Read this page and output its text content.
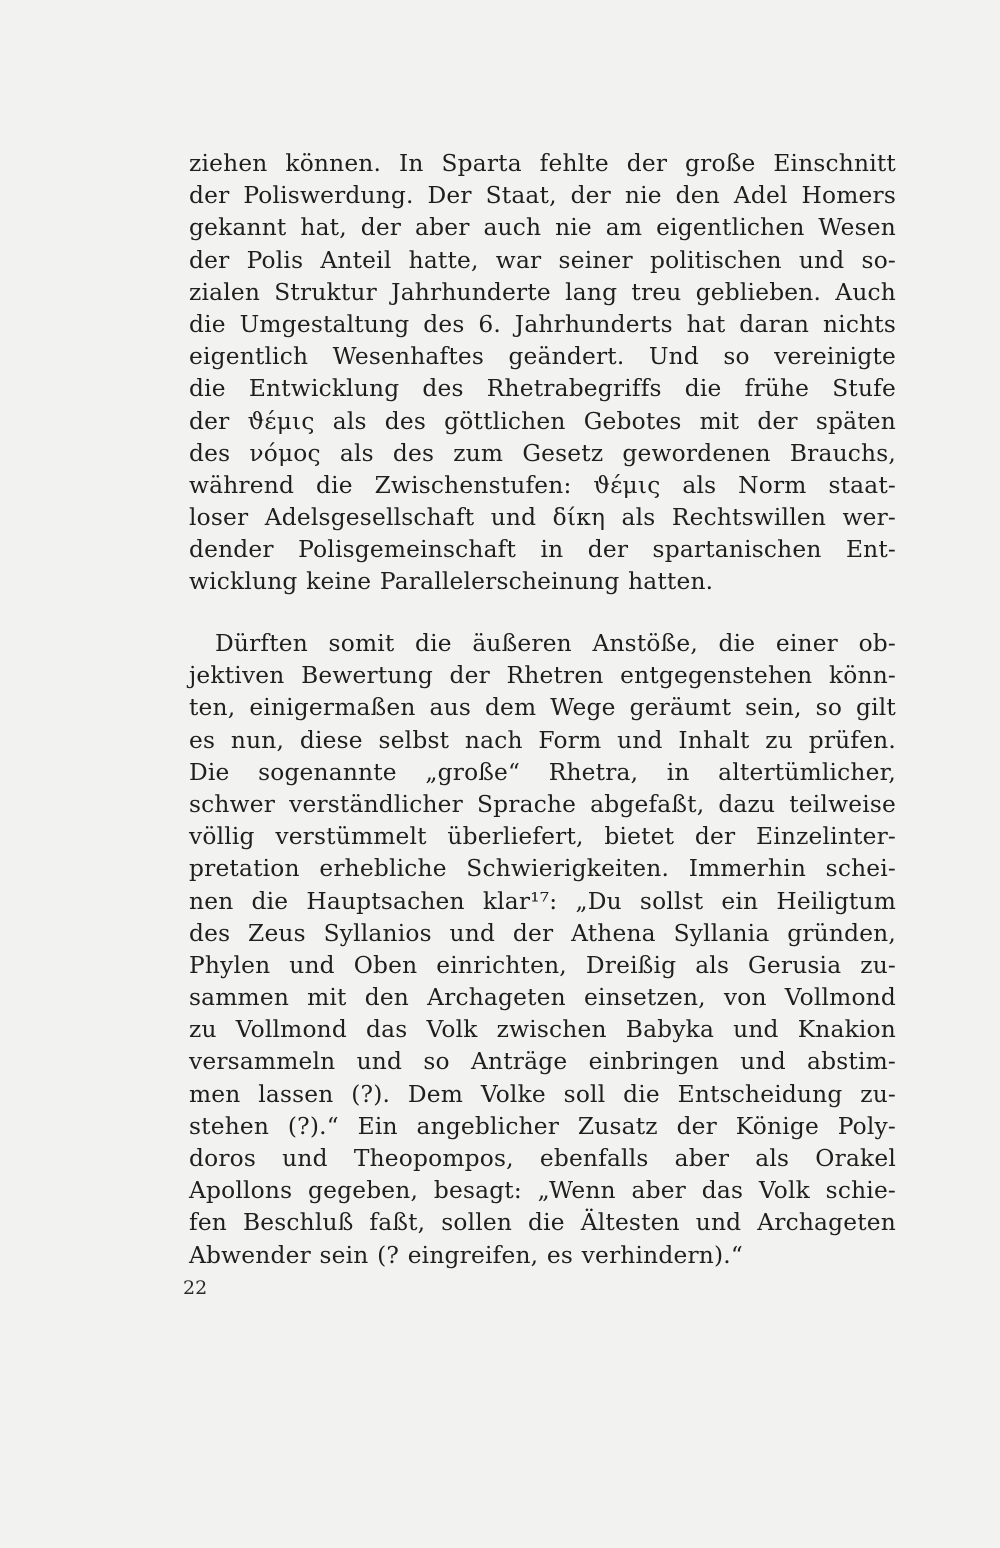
ziehen können. In Sparta fehlte der große Einschnitt
der Poliswerdung. Der Staat, der nie den Adel Homers
gekannt hat, der aber auch nie am eigentlichen Wesen
der Polis Anteil hatte, war seiner politischen und so-
zialen Struktur Jahrhunderte lang treu geblieben. Auch
die Umgestaltung des 6. Jahrhunderts hat daran nichts
eigentlich Wesenhaftes geändert. Und so vereinigte
die Entwicklung des Rhetrabegriffs die frühe Stufe
der ϑέμις als des göttlichen Gebotes mit der späten
des νόμος als des zum Gesetz gewordenen Brauchs,
während die Zwischenstufen: ϑέμις als Norm staat-
loser Adelsgesellschaft und δίκη als Rechtswillen wer-
dender Polisgemeinschaft in der spartanischen Ent-
wicklung keine Parallelerscheinung hatten.
Dürften somit die äußeren Anstöße, die einer ob-
jektiven Bewertung der Rhetren entgegenstehen könn-
ten, einigermaßen aus dem Wege geräumt sein, so gilt
es nun, diese selbst nach Form und Inhalt zu prüfen.
Die sogenannte „große“ Rhetra, in altertümlicher,
schwer verständlicher Sprache abgefaßt, dazu teilweise
völlig verstümmelt überliefert, bietet der Einzelinter-
pretation erhebliche Schwierigkeiten. Immerhin schei-
nen die Hauptsachen klar¹⁷: „Du sollst ein Heiligtum
des Zeus Syllanios und der Athena Syllania gründen,
Phylen und Oben einrichten, Dreißig als Gerusia zu-
sammen mit den Archageten einsetzen, von Vollmond
zu Vollmond das Volk zwischen Babyka und Knakion
versammeln und so Anträge einbringen und abstim-
men lassen (?). Dem Volke soll die Entscheidung zu-
stehen (?).“ Ein angeblicher Zusatz der Könige Poly-
doros und Theopompos, ebenfalls aber als Orakel
Apollons gegeben, besagt: „Wenn aber das Volk schie-
fen Beschluß faßt, sollen die Ältesten und Archageten
Abwender sein (? eingreifen, es verhindern).“
22
